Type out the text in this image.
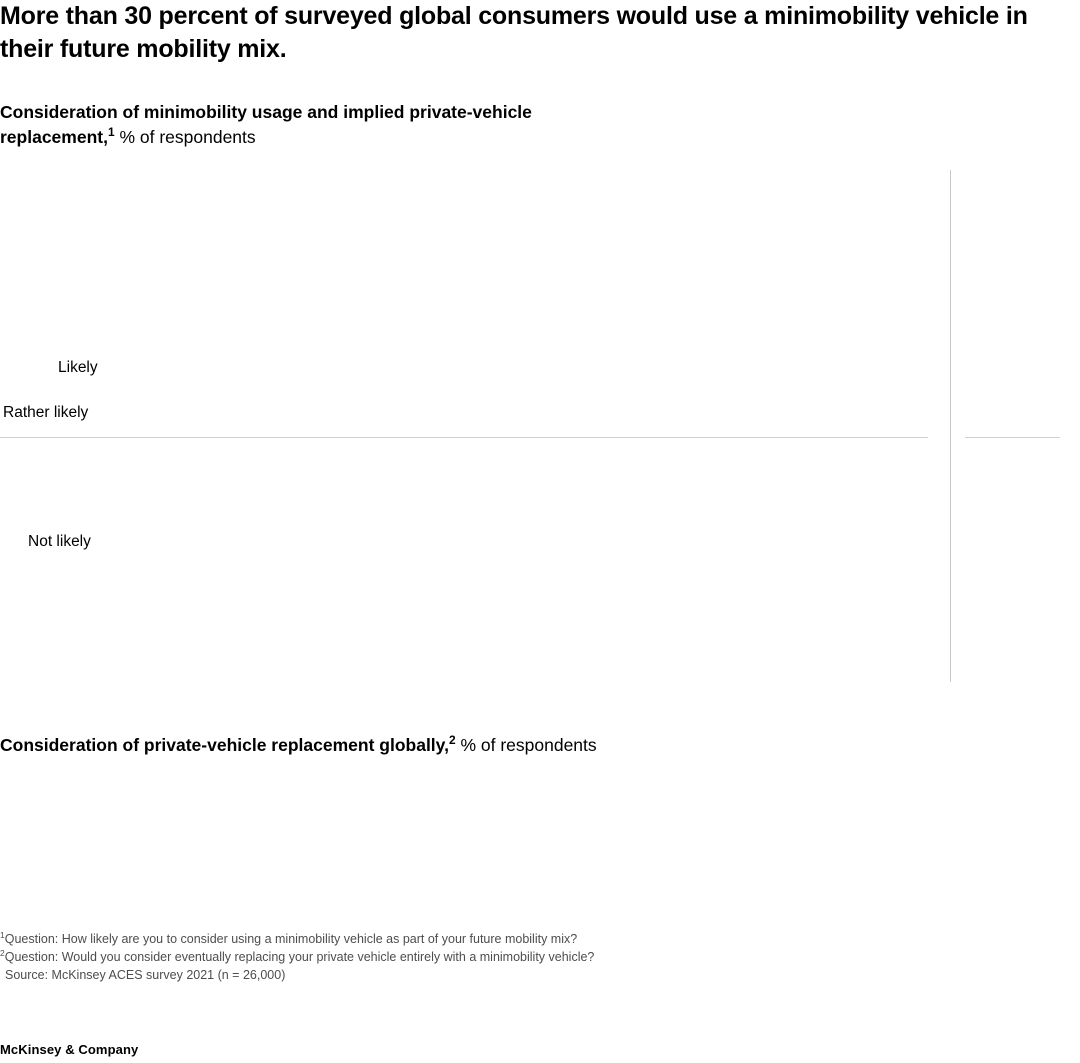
More than 30 percent of surveyed global consumers would use a minimobility vehicle in their future mobility mix.
Consideration of minimobility usage and implied private-vehicle replacement,$^1$ % of respondents
Likely
Rather likely
Not likely
Consideration of private-vehicle replacement globally,$^2$ % of respondents
$^1$Question: How likely are you to consider using a minimobility vehicle as part of your future mobility mix?
$^2$Question: Would you consider eventually replacing your private vehicle entirely with a minimobility vehicle?
Source: McKinsey ACES survey 2021 (n = 26,000)
McKinsey & Company
